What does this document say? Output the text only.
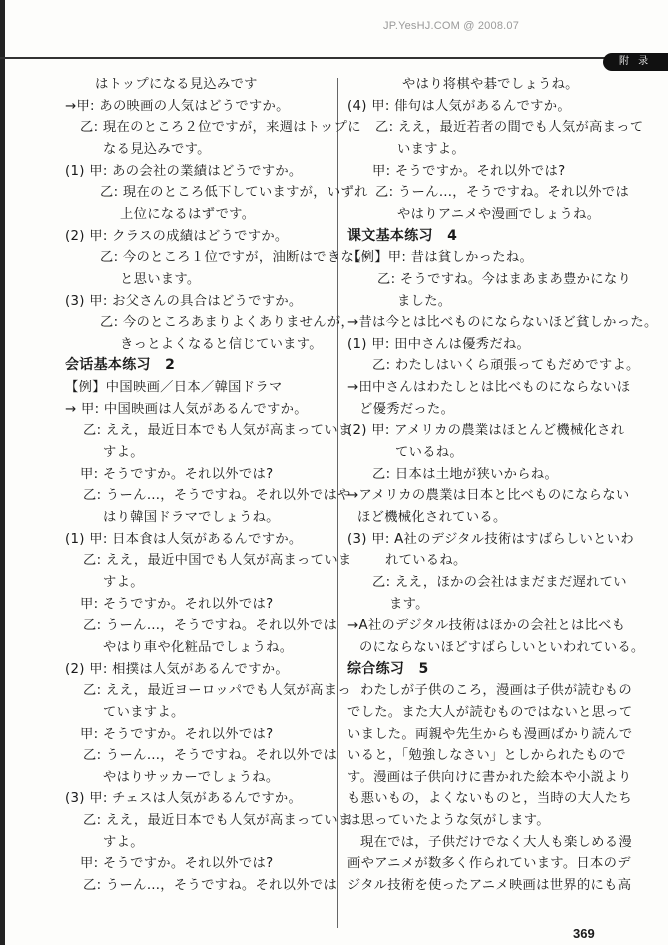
JP.YesHJ.COM @ 2008.07
附 录
はトップになる見込みです
→甲: あの映画の人気はどうですか。
乙: 現在のところ２位ですが，来週はトップに
なる見込みです。
(1) 甲: あの会社の業績はどうですか。
乙: 現在のところ低下していますが，いずれ
上位になるはずです。
(2) 甲: クラスの成績はどうですか。
乙: 今のところ１位ですが，油断はできない
と思います。
(3) 甲: お父さんの具合はどうですか。
乙: 今のところあまりよくありませんが，
きっとよくなると信じています。
会话基本练习　2
【例】中国映画／日本／韓国ドラマ
→ 甲: 中国映画は人気があるんですか。
乙: ええ，最近日本でも人気が高まっていま
すよ。
甲: そうですか。それ以外では?
乙: うーん…，そうですね。それ以外ではや
はり韓国ドラマでしょうね。
(1) 甲: 日本食は人気があるんですか。
乙: ええ，最近中国でも人気が高まっていま
すよ。
甲: そうですか。それ以外では?
乙: うーん…，そうですね。それ以外では
やはり車や化粧品でしょうね。
(2) 甲: 相撲は人気があるんですか。
乙: ええ，最近ヨーロッパでも人気が高まっ
ていますよ。
甲: そうですか。それ以外では?
乙: うーん…，そうですね。それ以外では
やはりサッカーでしょうね。
(3) 甲: チェスは人気があるんですか。
乙: ええ，最近日本でも人気が高まっていま
すよ。
甲: そうですか。それ以外では?
乙: うーん…，そうですね。それ以外では
やはり将棋や碁でしょうね。
(4) 甲: 俳句は人気があるんですか。
乙: ええ，最近若者の間でも人気が高まって
いますよ。
甲: そうですか。それ以外では?
乙: うーん…，そうですね。それ以外では
やはりアニメや漫画でしょうね。
课文基本练习　4
【例】甲: 昔は貧しかったね。
乙: そうですね。今はまあまあ豊かになり
ました。
→昔は今とは比べものにならないほど貧しかった。
(1) 甲: 田中さんは優秀だね。
乙: わたしはいくら頑張ってもだめですよ。
→田中さんはわたしとは比べものにならないほ
ど優秀だった。
(2) 甲: アメリカの農業はほとんど機械化され
ているね。
乙: 日本は土地が狭いからね。
→アメリカの農業は日本と比べものにならない
ほど機械化されている。
(3) 甲: A社のデジタル技術はすばらしいといわ
れているね。
乙: ええ，ほかの会社はまだまだ遅れてい
ます。
→A社のデジタル技術はほかの会社とは比べも
のにならないほどすばらしいといわれている。
综合练习　5
わたしが子供のころ，漫画は子供が読むもの
でした。また大人が読むものではないと思って
いました。両親や先生からも漫画ばかり読んで
いると，「勉強しなさい」としかられたもので
す。漫画は子供向けに書かれた絵本や小説より
も悪いもの，よくないものと，当時の大人たち
は思っていたような気がします。
現在では，子供だけでなく大人も楽しめる漫
画やアニメが数多く作られています。日本のデ
ジタル技術を使ったアニメ映画は世界的にも高
369
